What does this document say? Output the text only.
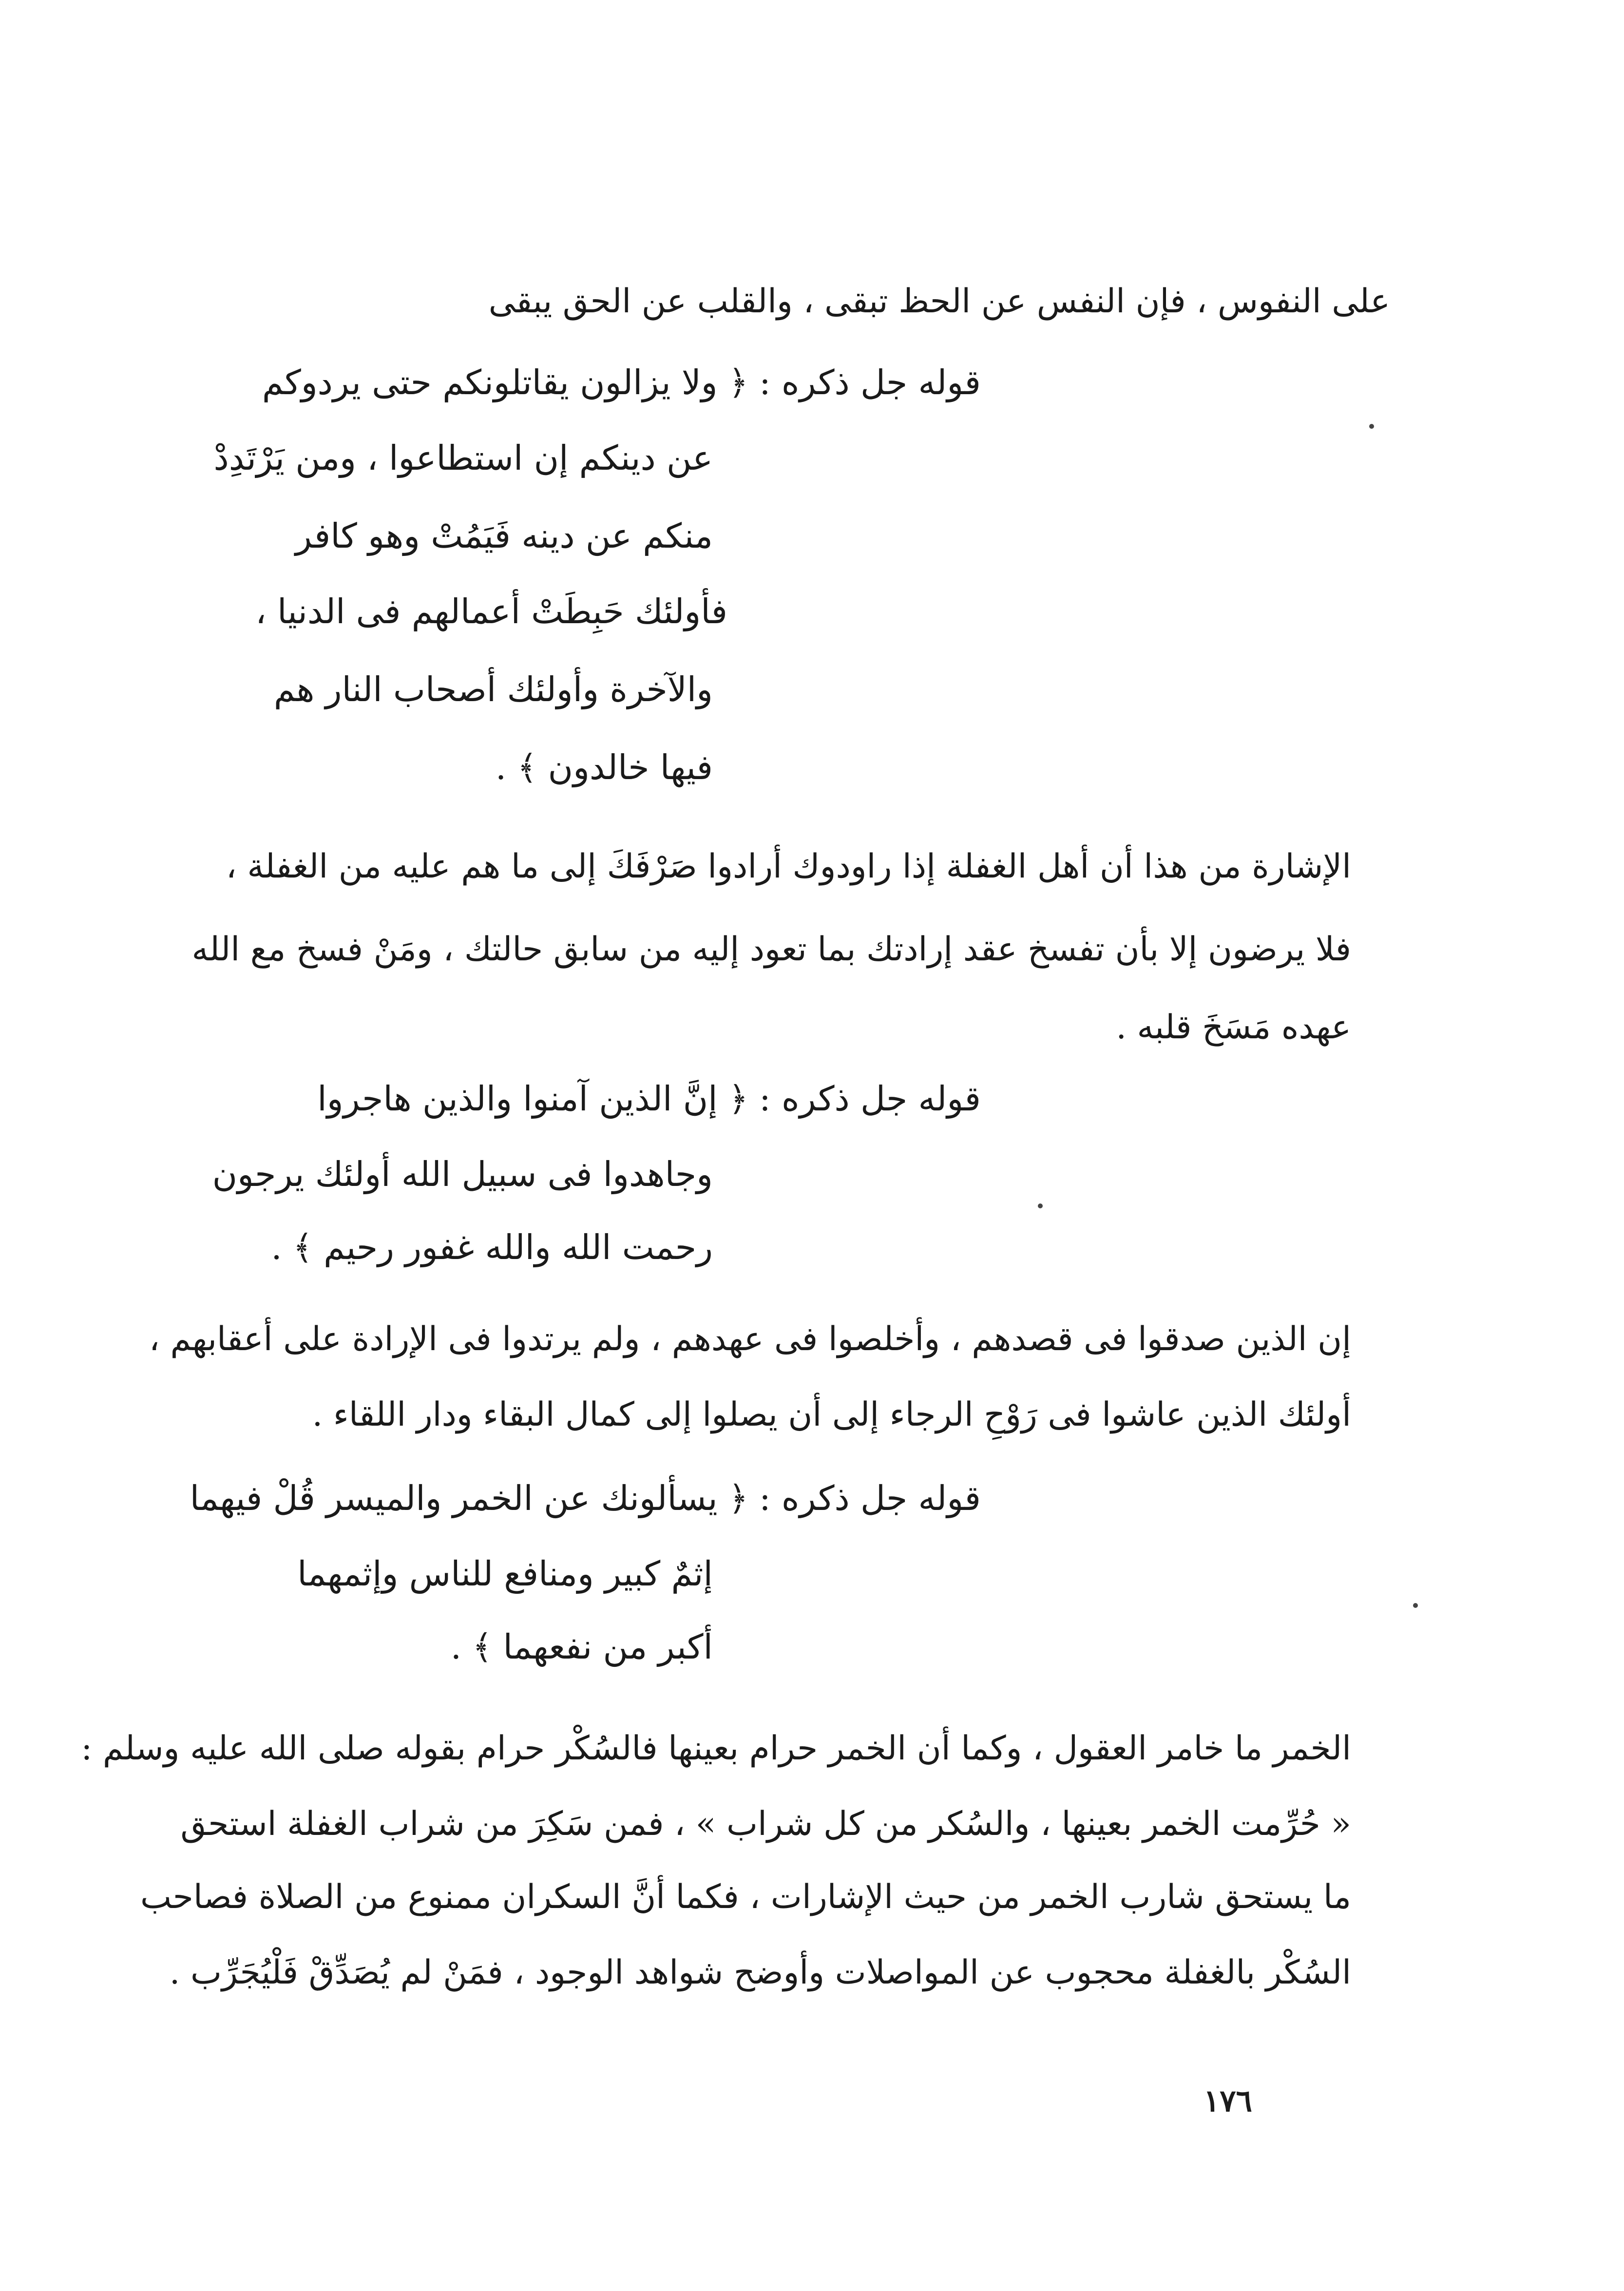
على النفوس ، فإن النفس عن الحظ تبقى ، والقلب عن الحق يبقى
قوله جل ذكره : ﴿ ولا يزالون يقاتلونكم حتى يردوكم
عن دينكم إن استطاعوا ، ومن يَرْتَدِدْ
منكم عن دينه فَيَمُتْ وهو كافر
فأولئك حَبِطَتْ أعمالهم فى الدنيا ،
والآخرة وأولئك أصحاب النار هم
فيها خالدون ﴾ .
الإشارة من هذا أن أهل الغفلة إذا راودوك أرادوا صَرْفَكَ إلى ما هم عليه من الغفلة ،
فلا يرضون إلا بأن تفسخ عقد إرادتك بما تعود إليه من سابق حالتك ، ومَنْ فسخ مع الله
عهده مَسَخَ قلبه .
قوله جل ذكره : ﴿ إنَّ الذين آمنوا والذين هاجروا
وجاهدوا فى سبيل الله أولئك يرجون
رحمت الله والله غفور رحيم ﴾ .
إن الذين صدقوا فى قصدهم ، وأخلصوا فى عهدهم ، ولم يرتدوا فى الإرادة على أعقابهم ،
أولئك الذين عاشوا فى رَوْحِ الرجاء إلى أن يصلوا إلى كمال البقاء ودار اللقاء .
قوله جل ذكره : ﴿ يسألونك عن الخمر والميسر قُلْ فيهما
إثمٌ كبير ومنافع للناس وإثمهما
أكبر من نفعهما ﴾ .
الخمر ما خامر العقول ، وكما أن الخمر حرام بعينها فالسُكْر حرام بقوله صلى الله عليه وسلم :
« حُرِّمت الخمر بعينها ، والسُكر من كل شراب » ، فمن سَكِرَ من شراب الغفلة استحق
ما يستحق شارب الخمر من حيث الإشارات ، فكما أنَّ السكران ممنوع من الصلاة فصاحب
السُكْر بالغفلة محجوب عن المواصلات وأوضح شواهد الوجود ، فمَنْ لم يُصَدِّقْ فَلْيُجَرِّب .
١٧٦
